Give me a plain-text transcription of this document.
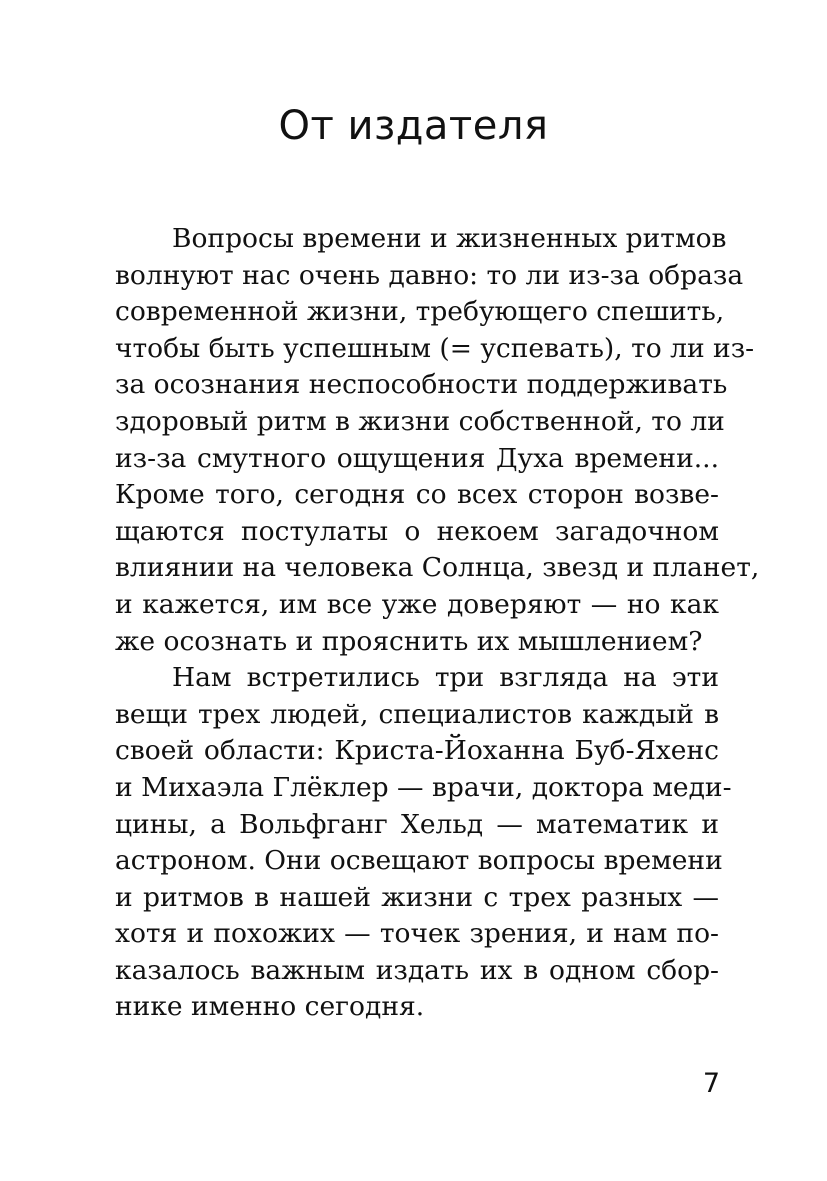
От издателя
Вопросы времени и жизненных ритмов
волнуют нас очень давно: то ли из-за образа
современной жизни, требующего спешить,
чтобы быть успешным (= успевать), то ли из-
за осознания неспособности поддерживать
здоровый ритм в жизни собственной, то ли
из-за смутного ощущения Духа времени...
Кроме того, сегодня со всех сторон возве-
щаются постулаты о некоем загадочном
влиянии на человека Солнца, звезд и планет,
и кажется, им все уже доверяют — но как
же осознать и прояснить их мышлением?
Нам встретились три взгляда на эти
вещи трех людей, специалистов каждый в
своей области: Криста-Йоханна Буб-Яхенс
и Михаэла Глёклер — врачи, доктора меди-
цины, а Вольфганг Хельд — математик и
астроном. Они освещают вопросы времени
и ритмов в нашей жизни с трех разных —
хотя и похожих — точек зрения, и нам по-
казалось важным издать их в одном сбор-
нике именно сегодня.
7
